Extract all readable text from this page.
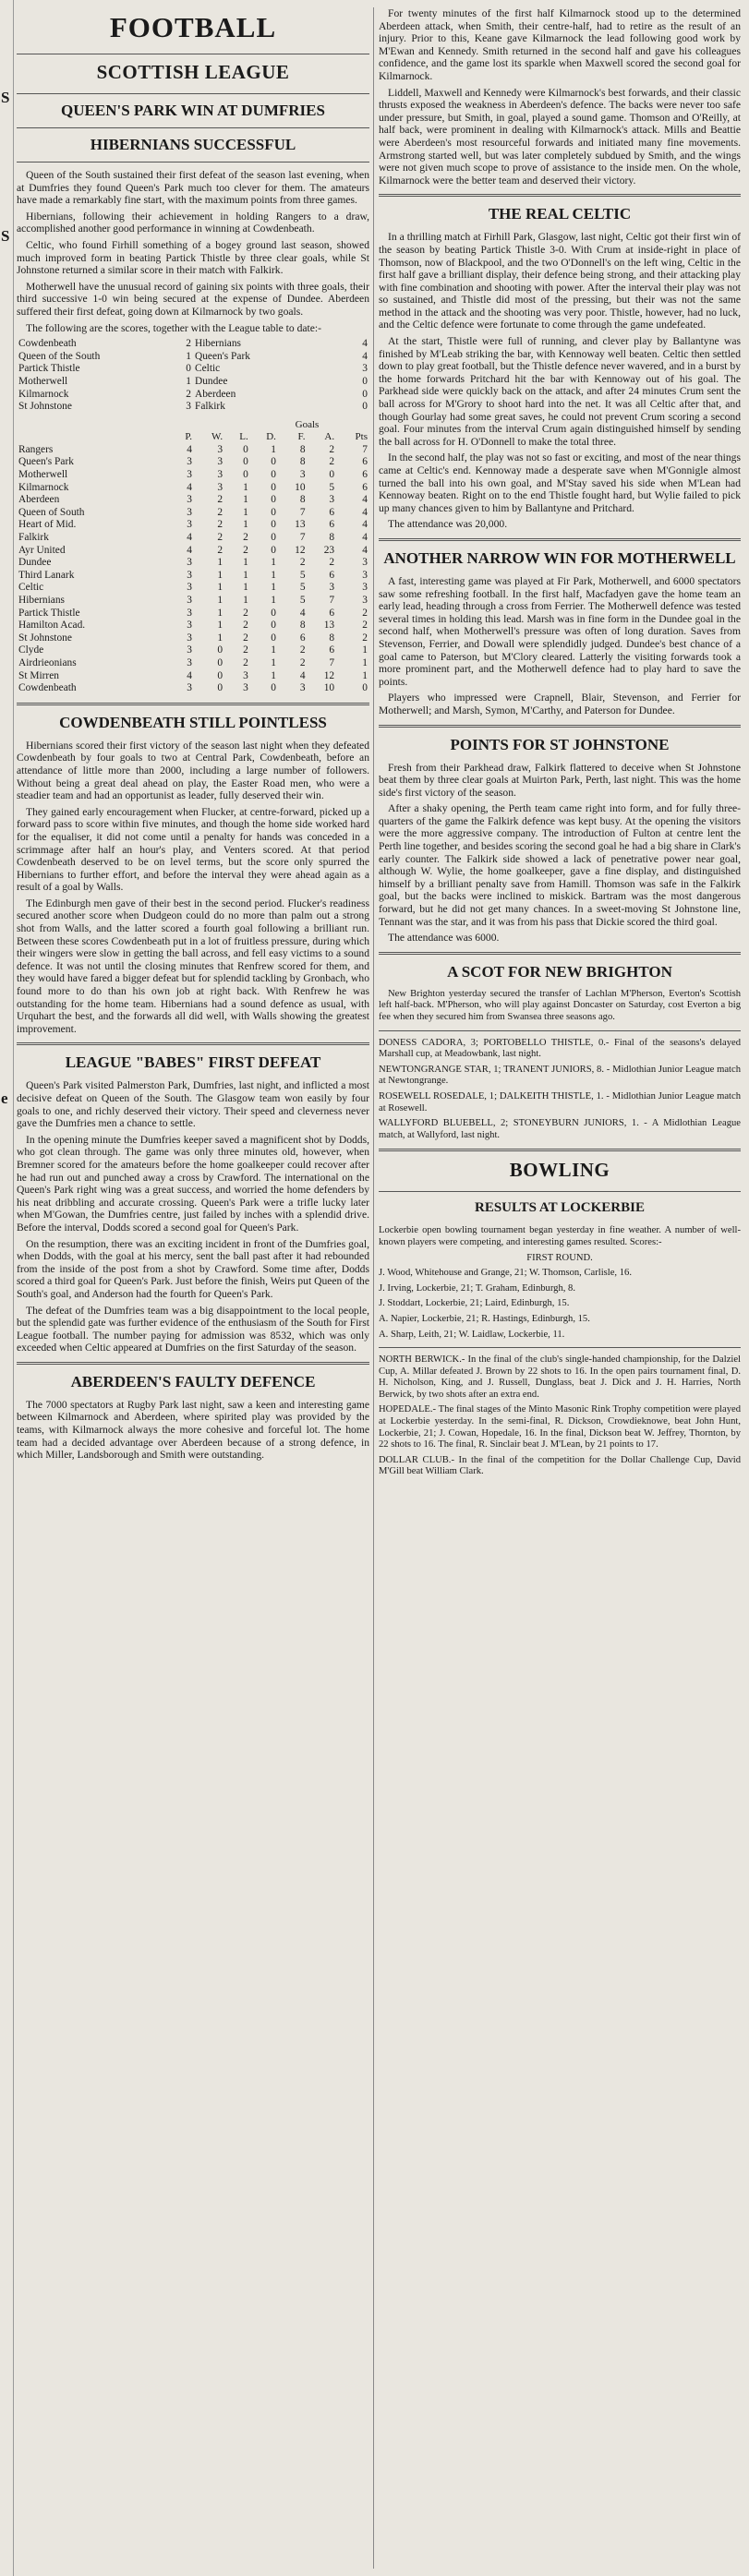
S
S
e
FOOTBALL
SCOTTISH LEAGUE
QUEEN'S PARK WIN AT DUMFRIES
HIBERNIANS SUCCESSFUL

Queen of the South sustained their first defeat of the season last evening, when at Dumfries they found Queen's Park much too clever for them. The amateurs have made a remarkably fine start, with the maximum points from three games.

Hibernians, following their achievement in holding Rangers to a draw, accomplished another good performance in winning at Cowdenbeath.

Celtic, who found Firhill something of a bogey ground last season, showed much improved form in beating Partick Thistle by three clear goals, while St Johnstone returned a similar score in their match with Falkirk.

Motherwell have the unusual record of gaining six points with three goals, their third successive 1-0 win being secured at the expense of Dundee. Aberdeen suffered their first defeat, going down at Kilmarnock by two goals.

The following are the scores, together with the League table to date:-

Cowdenbeath	2	Hibernians	4
Queen of the South	1	Queen's Park	4
Partick Thistle	0	Celtic	3
Motherwell	1	Dundee	0
Kilmarnock	2	Aberdeen	0
St Johnstone	3	Falkirk	0
					Goals		
	P.	W.	L.	D.	F.	A.	Pts
Rangers	4	3	0	1	8	2	7
Queen's Park	3	3	0	0	8	2	6
Motherwell	3	3	0	0	3	0	6
Kilmarnock	4	3	1	0	10	5	6
Aberdeen	3	2	1	0	8	3	4
Queen of South	3	2	1	0	7	6	4
Heart of Mid.	3	2	1	0	13	6	4
Falkirk	4	2	2	0	7	8	4
Ayr United	4	2	2	0	12	23	4
Dundee	3	1	1	1	2	2	3
Third Lanark	3	1	1	1	5	6	3
Celtic	3	1	1	1	5	3	3
Hibernians	3	1	1	1	5	7	3
Partick Thistle	3	1	2	0	4	6	2
Hamilton Acad.	3	1	2	0	8	13	2
St Johnstone	3	1	2	0	6	8	2
Clyde	3	0	2	1	2	6	1
Airdrieonians	3	0	2	1	2	7	1
St Mirren	4	0	3	1	4	12	1
Cowdenbeath	3	0	3	0	3	10	0
COWDENBEATH STILL POINTLESS

Hibernians scored their first victory of the season last night when they defeated Cowdenbeath by four goals to two at Central Park, Cowdenbeath, before an attendance of little more than 2000, including a large number of followers. Without being a great deal ahead on play, the Easter Road men, who were a steadier team and had an opportunist as leader, fully deserved their win.

They gained early encouragement when Flucker, at centre-forward, picked up a forward pass to score within five minutes, and though the home side worked hard for the equaliser, it did not come until a penalty for hands was conceded in a scrimmage after half an hour's play, and Venters scored. At that period Cowdenbeath deserved to be on level terms, but the score only spurred the Hibernians to further effort, and before the interval they were ahead again as a result of a goal by Walls.

The Edinburgh men gave of their best in the second period. Flucker's readiness secured another score when Dudgeon could do no more than palm out a strong shot from Walls, and the latter scored a fourth goal following a brilliant run. Between these scores Cowdenbeath put in a lot of fruitless pressure, during which their wingers were slow in getting the ball across, and fell easy victims to a sound defence. It was not until the closing minutes that Renfrew scored for them, and they would have fared a bigger defeat but for splendid tackling by Gronbach, who found more to do than his own job at right back. With Renfrew he was outstanding for the home team. Hibernians had a sound defence as usual, with Urquhart the best, and the forwards all did well, with Walls showing the greatest improvement.

LEAGUE "BABES" FIRST DEFEAT

Queen's Park visited Palmerston Park, Dumfries, last night, and inflicted a most decisive defeat on Queen of the South. The Glasgow team won easily by four goals to one, and richly deserved their victory. Their speed and cleverness never gave the Dumfries men a chance to settle.

In the opening minute the Dumfries keeper saved a magnificent shot by Dodds, who got clean through. The game was only three minutes old, however, when Bremner scored for the amateurs before the home goalkeeper could recover after he had run out and punched away a cross by Crawford. The international on the Queen's Park right wing was a great success, and worried the home defenders by his neat dribbling and accurate crossing. Queen's Park were a trifle lucky later when M'Gowan, the Dumfries centre, just failed by inches with a splendid drive. Before the interval, Dodds scored a second goal for Queen's Park.

On the resumption, there was an exciting incident in front of the Dumfries goal, when Dodds, with the goal at his mercy, sent the ball past after it had rebounded from the inside of the post from a shot by Crawford. Some time after, Dodds scored a third goal for Queen's Park. Just before the finish, Weirs put Queen of the South's goal, and Anderson had the fourth for Queen's Park.

The defeat of the Dumfries team was a big disappointment to the local people, but the splendid gate was further evidence of the enthusiasm of the South for First League football. The number paying for admission was 8532, which was only exceeded when Celtic appeared at Dumfries on the first Saturday of the season.

ABERDEEN'S FAULTY DEFENCE

The 7000 spectators at Rugby Park last night, saw a keen and interesting game between Kilmarnock and Aberdeen, where spirited play was provided by the teams, with Kilmarnock always the more cohesive and forceful lot. The home team had a decided advantage over Aberdeen because of a strong defence, in which Miller, Landsborough and Smith were outstanding.

For twenty minutes of the first half Kilmarnock stood up to the determined Aberdeen attack, when Smith, their centre-half, had to retire as the result of an injury. Prior to this, Keane gave Kilmarnock the lead following good work by M'Ewan and Kennedy. Smith returned in the second half and gave his colleagues confidence, and the game lost its sparkle when Maxwell scored the second goal for Kilmarnock.

Liddell, Maxwell and Kennedy were Kilmarnock's best forwards, and their classic thrusts exposed the weakness in Aberdeen's defence. The backs were never too safe under pressure, but Smith, in goal, played a sound game. Thomson and O'Reilly, at half back, were prominent in dealing with Kilmarnock's attack. Mills and Beattie were Aberdeen's most resourceful forwards and initiated many fine movements. Armstrong started well, but was later completely subdued by Smith, and the wings were not given much scope to prove of assistance to the inside men. On the whole, Kilmarnock were the better team and deserved their victory.

THE REAL CELTIC

In a thrilling match at Firhill Park, Glasgow, last night, Celtic got their first win of the season by beating Partick Thistle 3-0. With Crum at inside-right in place of Thomson, now of Blackpool, and the two O'Donnell's on the left wing, Celtic in the first half gave a brilliant display, their defence being strong, and their attacking play with fine combination and shooting with power. After the interval their play was not so sustained, and Thistle did most of the pressing, but their was not the same method in the attack and the shooting was very poor. Thistle, however, had no luck, and the Celtic defence were fortunate to come through the game undefeated.

At the start, Thistle were full of running, and clever play by Ballantyne was finished by M'Leab striking the bar, with Kennoway well beaten. Celtic then settled down to play great football, but the Thistle defence never wavered, and in a burst by the home forwards Pritchard hit the bar with Kennoway out of his goal. The Parkhead side were quickly back on the attack, and after 24 minutes Crum sent the ball across for M'Grory to shoot hard into the net. It was all Celtic after that, and though Gourlay had some great saves, he could not prevent Crum scoring a second goal. Four minutes from the interval Crum again distinguished himself by sending the ball across for H. O'Donnell to make the total three.

In the second half, the play was not so fast or exciting, and most of the near things came at Celtic's end. Kennoway made a desperate save when M'Gonnigle almost turned the ball into his own goal, and M'Stay saved his side when M'Lean had Kennoway beaten. Right on to the end Thistle fought hard, but Wylie failed to pick up many chances given to him by Ballantyne and Pritchard.

The attendance was 20,000.

ANOTHER NARROW WIN FOR MOTHERWELL

A fast, interesting game was played at Fir Park, Motherwell, and 6000 spectators saw some refreshing football. In the first half, Macfadyen gave the home team an early lead, heading through a cross from Ferrier. The Motherwell defence was tested several times in holding this lead. Marsh was in fine form in the Dundee goal in the second half, when Motherwell's pressure was often of long duration. Saves from Stevenson, Ferrier, and Dowall were splendidly judged. Dundee's best chance of a goal came to Paterson, but M'Clory cleared. Latterly the visiting forwards took a more prominent part, and the Motherwell defence had to play hard to save the points.

Players who impressed were Crapnell, Blair, Stevenson, and Ferrier for Motherwell; and Marsh, Symon, M'Carthy, and Paterson for Dundee.

POINTS FOR ST JOHNSTONE

Fresh from their Parkhead draw, Falkirk flattered to deceive when St Johnstone beat them by three clear goals at Muirton Park, Perth, last night. This was the home side's first victory of the season.

After a shaky opening, the Perth team came right into form, and for fully three-quarters of the game the Falkirk defence was kept busy. At the opening the visitors were the more aggressive company. The introduction of Fulton at centre lent the Perth line together, and besides scoring the second goal he had a big share in Clark's early counter. The Falkirk side showed a lack of penetrative power near goal, although W. Wylie, the home goalkeeper, gave a fine display, and distinguished himself by a brilliant penalty save from Hamill. Thomson was safe in the Falkirk goal, but the backs were inclined to miskick. Bartram was the most dangerous forward, but he did not get many chances. In a sweet-moving St Johnstone line, Tennant was the star, and it was from his pass that Dickie scored the third goal.

The attendance was 6000.

A SCOT FOR NEW BRIGHTON

New Brighton yesterday secured the transfer of Lachlan M'Pherson, Everton's Scottish left half-back. M'Pherson, who will play against Doncaster on Saturday, cost Everton a big fee when they secured him from Swansea three seasons ago.

DONESS CADORA, 3; PORTOBELLO THISTLE, 0.- Final of the seasons's delayed Marshall cup, at Meadowbank, last night.

NEWTONGRANGE STAR, 1; TRANENT JUNIORS, 8. - Midlothian Junior League match at Newtongrange.

ROSEWELL ROSEDALE, 1; DALKEITH THISTLE, 1. - Midlothian Junior League match at Rosewell.

WALLYFORD BLUEBELL, 2; STONEYBURN JUNIORS, 1. - A Midlothian League match, at Wallyford, last night.

BOWLING
RESULTS AT LOCKERBIE

Lockerbie open bowling tournament began yesterday in fine weather. A number of well-known players were competing, and interesting games resulted. Scores:-

FIRST ROUND.

J. Wood, Whitehouse and Grange, 21; W. Thomson, Carlisle, 16.

J. Irving, Lockerbie, 21; T. Graham, Edinburgh, 8.

J. Stoddart, Lockerbie, 21; Laird, Edinburgh, 15.

A. Napier, Lockerbie, 21; R. Hastings, Edinburgh, 15.

A. Sharp, Leith, 21; W. Laidlaw, Lockerbie, 11.

NORTH BERWICK.- In the final of the club's single-handed championship, for the Dalziel Cup, A. Millar defeated J. Brown by 22 shots to 16. In the open pairs tournament final, D. H. Nicholson, King, and J. Russell, Dunglass, beat J. Dick and J. H. Harries, North Berwick, by two shots after an extra end.

HOPEDALE.- The final stages of the Minto Masonic Rink Trophy competition were played at Lockerbie yesterday. In the semi-final, R. Dickson, Crowdieknowe, beat John Hunt, Lockerbie, 21; J. Cowan, Hopedale, 16. In the final, Dickson beat W. Jeffrey, Thornton, by 22 shots to 16. The final, R. Sinclair beat J. M'Lean, by 21 points to 17.

DOLLAR CLUB.- In the final of the competition for the Dollar Challenge Cup, David M'Gill beat William Clark.
